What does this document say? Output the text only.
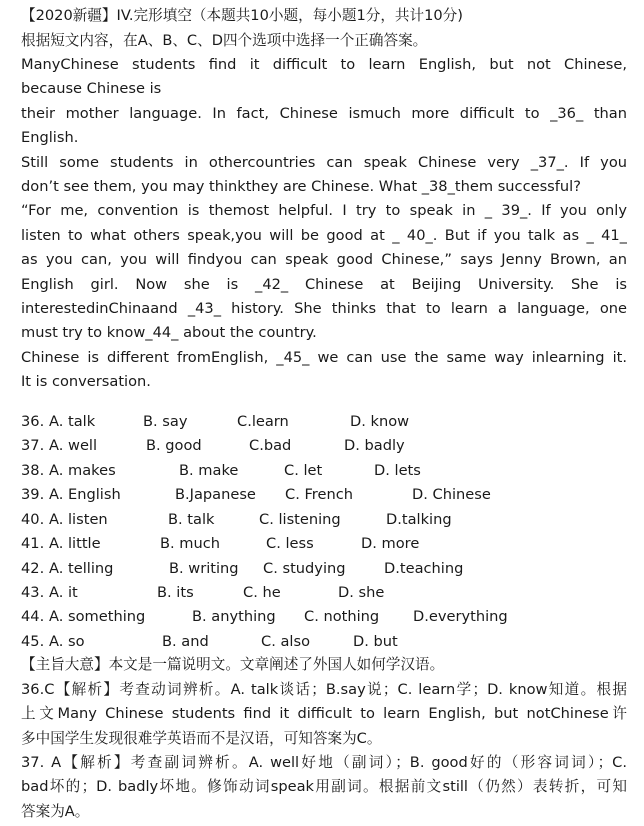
【2020新疆】IV.完形填空（本题共10小题，每小题1分，共计10分)
根据短文内容，在A、B、C、D四个选项中选择一个正确答案。
ManyChinese students find it difficult to learn English, but not Chinese,
because Chinese is
their mother language. In fact, Chinese ismuch more difficult to _36_ than
English.
Still some students in othercountries can speak Chinese very _37_. If you
don’t see them, you may thinkthey are Chinese. What _38_them successful?
“For me, convention is themost helpful. I try to speak in _ 39_. If you only
listen to what others speak,you will be good at _ 40_. But if you talk as _ 41_
as you can, you will findyou can speak good Chinese,” says Jenny Brown, an
English girl. Now she is _42_ Chinese at Beijing University. She is
interestedinChinaand _43_ history. She thinks that to learn a language, one
must try to know_44_ about the country.
Chinese is different fromEnglish, _45_ we can use the same way inlearning it.
It is conversation.
36. A. talk	B. say	C.learn	D. know
37. A. well	B. good	C.bad	D. badly
38. A. makes	B. make	C. let	D. lets
39. A. English	B.Japanese C. French	D. Chinese
40. A. listen	B. talk	C. listening	D.talking
41. A. little	B. much	C. less	D. more
42. A. telling	B. writing C. studying	D.teaching
43. A. it	B. its	C. he	D. she
44. A. something	B. anything C. nothing D.everything
45. A. so	B. and	C. also	D. but
【主旨大意】本文是一篇说明文。文章阐述了外国人如何学汉语。
36.C【解析】考查动词辨析。A. talk谈话；B.say说；C. learn学；D. know知道。根据
上文Many Chinese students find it difficult to learn English, but notChinese许
多中国学生发现很难学英语而不是汉语，可知答案为C。
37. A【解析】考查副词辨析。A. well好地（副词）；B. good好的（形容词词）；C.
bad坏的；D. badly坏地。修饰动词speak用副词。根据前文still（仍然）表转折，可知
答案为A。
